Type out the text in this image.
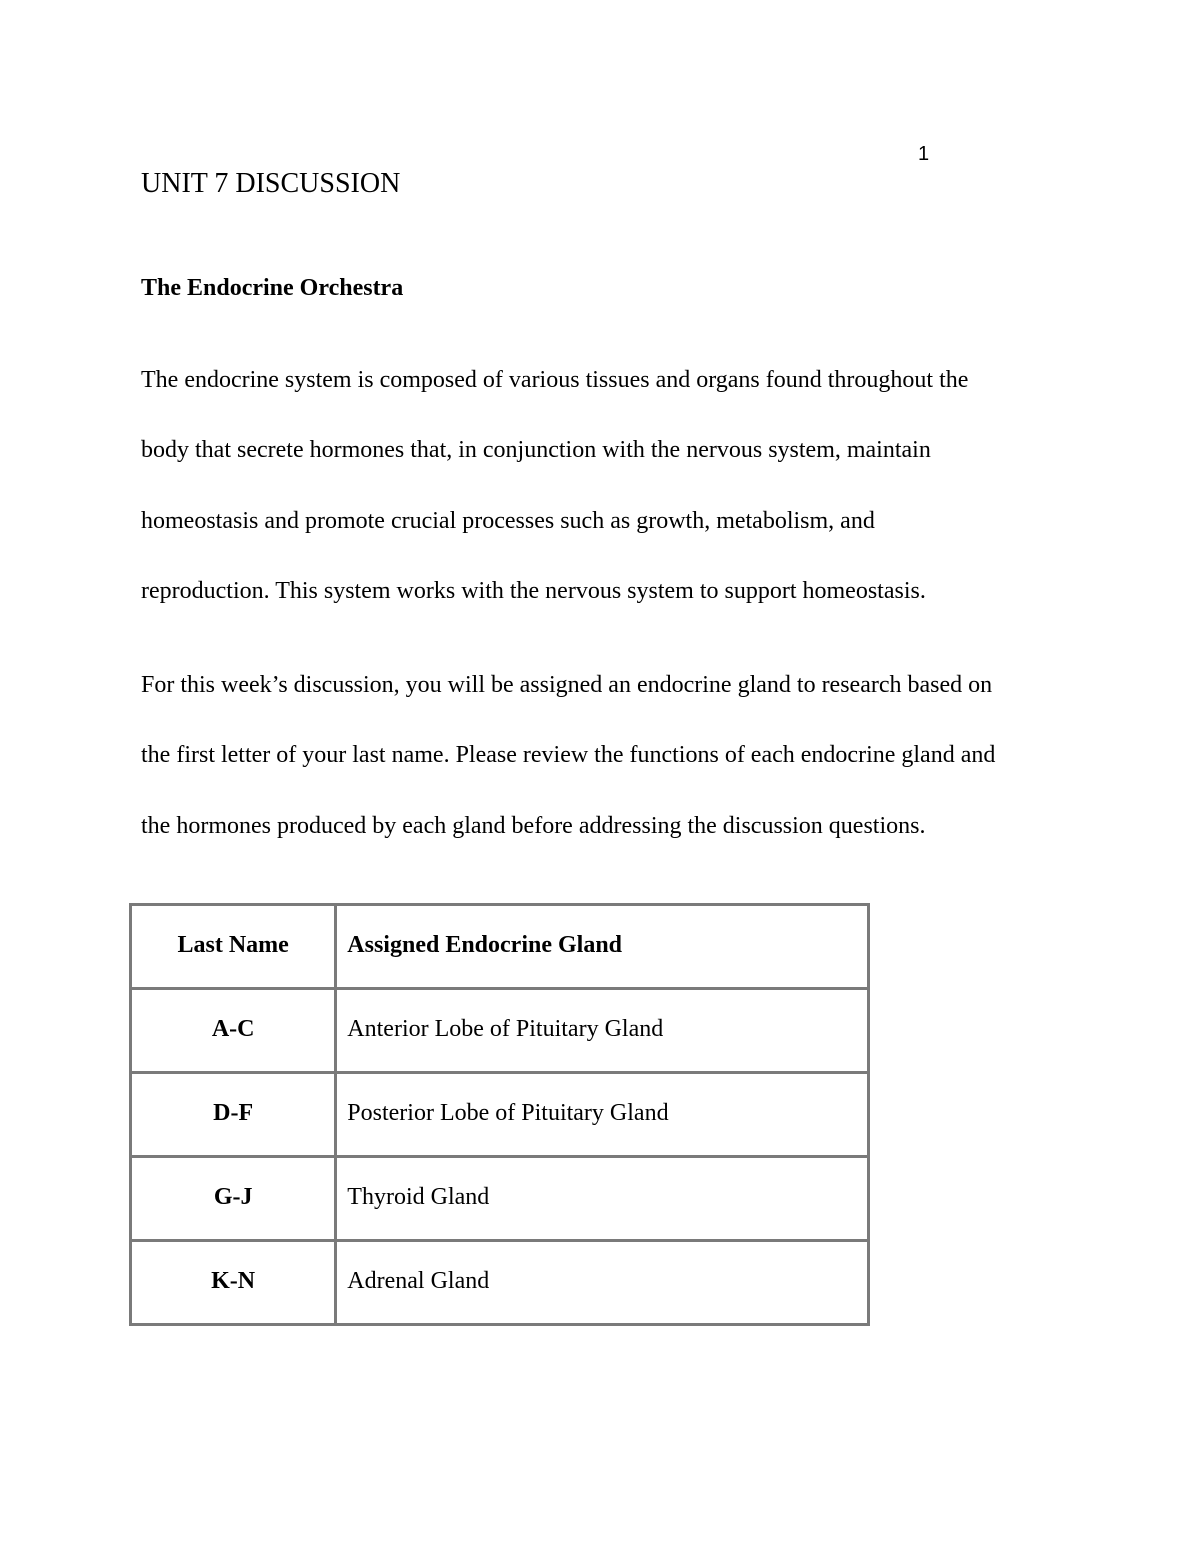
1
UNIT 7 DISCUSSION
The Endocrine Orchestra

The endocrine system is composed of various tissues and organs found throughout the
body that secrete hormones that, in conjunction with the nervous system, maintain
homeostasis and promote crucial processes such as growth, metabolism, and
reproduction. This system works with the nervous system to support homeostasis.

For this week’s discussion, you will be assigned an endocrine gland to research based on
the first letter of your last name. Please review the functions of each endocrine gland and
the hormones produced by each gland before addressing the discussion questions.

Last Name	Assigned Endocrine Gland
A-C	Anterior Lobe of Pituitary Gland
D-F	Posterior Lobe of Pituitary Gland
G-J	Thyroid Gland
K-N	Adrenal Gland
